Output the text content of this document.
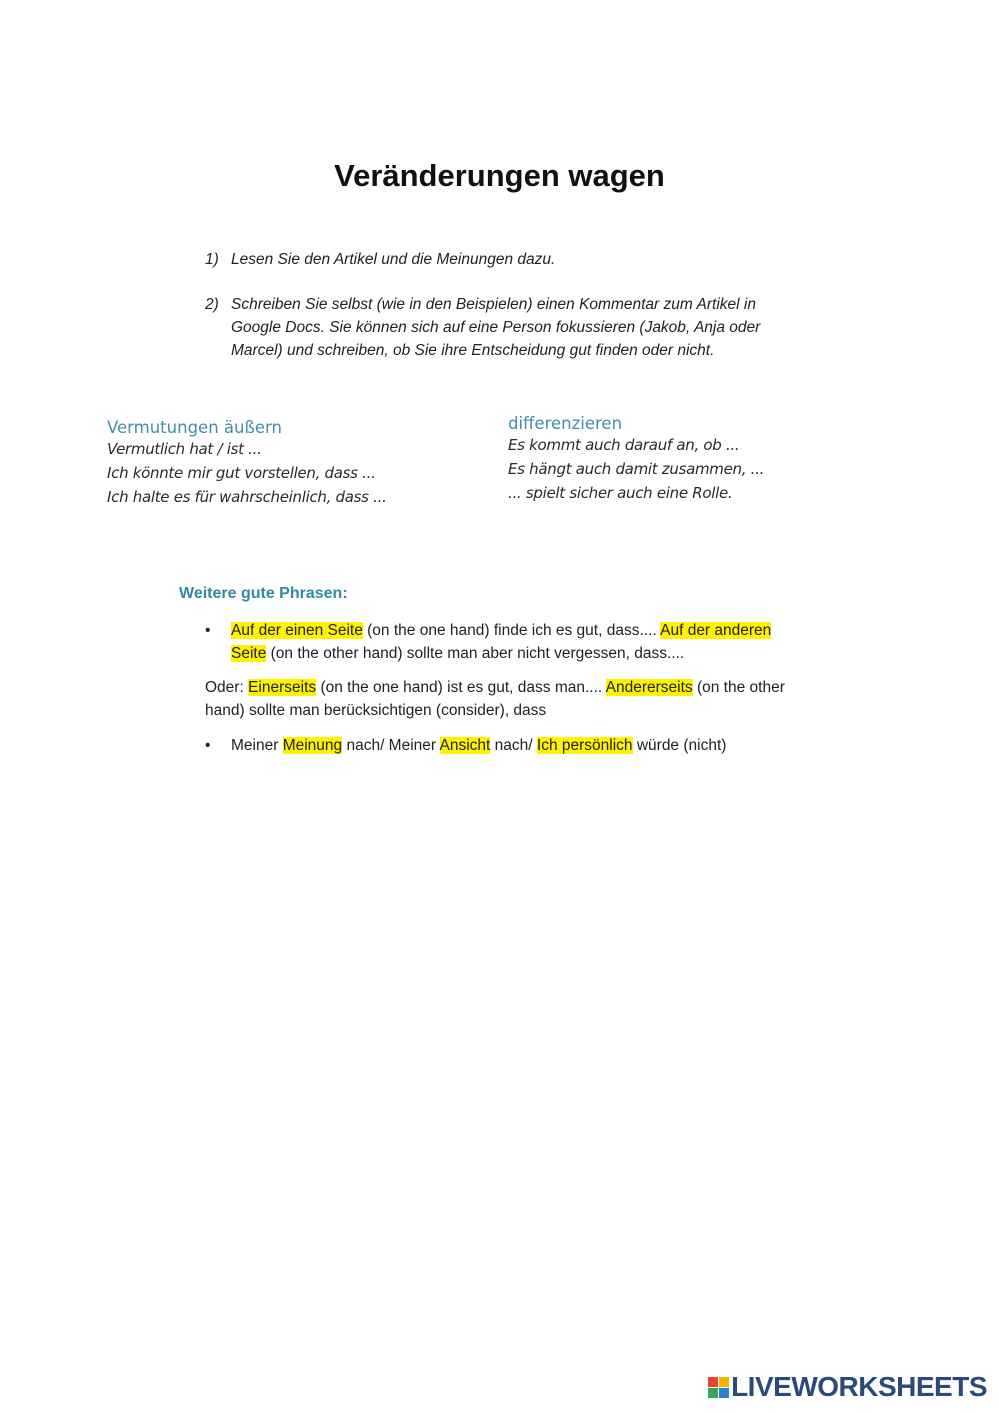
Veränderungen wagen
1) Lesen Sie den Artikel und die Meinungen dazu.
2) Schreiben Sie selbst (wie in den Beispielen) einen Kommentar zum Artikel in Google Docs. Sie können sich auf eine Person fokussieren (Jakob, Anja oder Marcel) und schreiben, ob Sie ihre Entscheidung gut finden oder nicht.
Vermutungen äußern
Vermutlich hat / ist ...
Ich könnte mir gut vorstellen, dass ...
Ich halte es für wahrscheinlich, dass ...
differenzieren
Es kommt auch darauf an, ob ...
Es hängt auch damit zusammen, ...
... spielt sicher auch eine Rolle.
Weitere gute Phrasen:
• Auf der einen Seite (on the one hand) finde ich es gut, dass.... Auf der anderen Seite (on the other hand) sollte man aber nicht vergessen, dass....
Oder: Einerseits (on the one hand) ist es gut, dass man.... Andererseits (on the other hand) sollte man berücksichtigen (consider), dass
• Meiner Meinung nach/ Meiner Ansicht nach/ Ich persönlich würde (nicht)
LIVEWORKSHEETS
